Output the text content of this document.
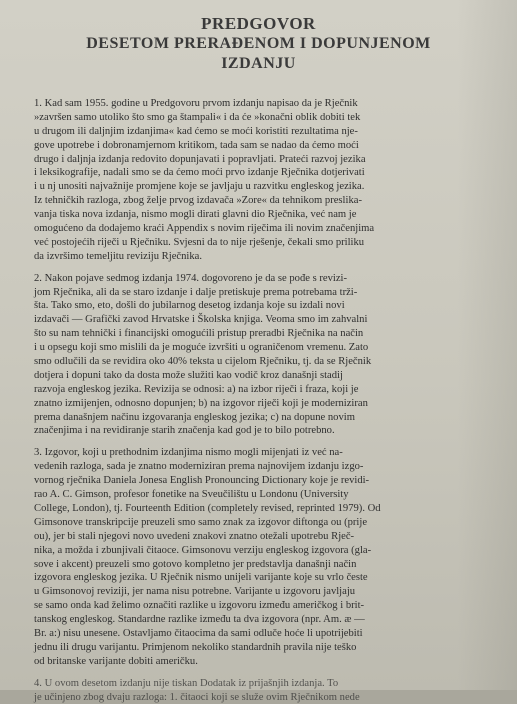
PREDGOVOR
DESETOM PRERAĐENOM I DOPUNJENOM
IZDANJU
1. Kad sam 1955. godine u Predgovoru prvom izdanju napisao da je Rječnik
»završen samo utoliko što smo ga štampali« i da će »konačni oblik dobiti tek
u drugom ili daljnjim izdanjima« kad ćemo se moći koristiti rezultatima nje-
gove upotrebe i dobronamjernom kritikom, tada sam se nadao da ćemo moći
drugo i daljnja izdanja redovito dopunjavati i popravljati. Prateći razvoj jezika
i leksikografije, nadali smo se da ćemo moći prvo izdanje Rječnika dotjerivati
i u nj unositi najvažnije promjene koje se javljaju u razvitku engleskog jezika.
Iz tehničkih razloga, zbog želje prvog izdavača »Zore« da tehnikom preslika-
vanja tiska nova izdanja, nismo mogli dirati glavni dio Rječnika, već nam je
omogućeno da dodajemo kraći Appendix s novim riječima ili novim značenjima
već postojećih riječi u Rječniku. Svjesni da to nije rješenje, čekali smo priliku
da izvršimo temeljitu reviziju Rječnika.
2. Nakon pojave sedmog izdanja 1974. dogovoreno je da se pođe s revizi-
jom Rječnika, ali da se staro izdanje i dalje pretiskuje prema potrebama trži-
šta. Tako smo, eto, došli do jubilarnog desetog izdanja koje su izdali novi
izdavači — Grafički zavod Hrvatske i Školska knjiga. Veoma smo im zahvalni
što su nam tehnički i financijski omogućili pristup preradbi Rječnika na način
i u opsegu koji smo mislili da je moguće izvršiti u ograničenom vremenu. Zato
smo odlučili da se revidira oko 40% teksta u cijelom Rječniku, tj. da se Rječnik
dotjera i dopuni tako da dosta može služiti kao vodič kroz današnji stadij
razvoja engleskog jezika. Revizija se odnosi: a) na izbor riječi i fraza, koji je
znatno izmijenjen, odnosno dopunjen; b) na izgovor riječi koji je moderniziran
prema današnjem načinu izgovaranja engleskog jezika; c) na dopune novim
značenjima i na revidiranje starih značenja kad god je to bilo potrebno.
3. Izgovor, koji u prethodnim izdanjima nismo mogli mijenjati iz već na-
vedenih razloga, sada je znatno moderniziran prema najnovijem izdanju izgo-
vornog rječnika Daniela Jonesa English Pronouncing Dictionary koje je revidi-
rao A. C. Gimson, profesor fonetike na Sveučilištu u Londonu (University
College, London), tj. Fourteenth Edition (completely revised, reprinted 1979). Od
Gimsonove transkripcije preuzeli smo samo znak za izgovor diftonga ou (prije
ou), jer bi stali njegovi novo uvedeni znakovi znatno otežali upotrebu Rječ-
nika, a možda i zbunjivali čitaoce. Gimsonovu verziju engleskog izgovora (gla-
sove i akcent) preuzeli smo gotovo kompletno jer predstavlja današnji način
izgovora engleskog jezika. U Rječnik nismo unijeli varijante koje su vrlo česte
u Gimsonovoj reviziji, jer nama nisu potrebne. Varijante u izgovoru javljaju
se samo onda kad želimo označiti razlike u izgovoru između američkog i brit-
tanskog engleskog. Standardne razlike između ta dva izgovora (npr. Am. æ —
Br. a:) nisu unesene. Ostavljamo čitaocima da sami odluče hoće li upotrijebiti
jednu ili drugu varijantu. Primjenom nekoliko standardnih pravila nije teško
od britanske varijante dobiti američku.
4. U ovom desetom izdanju nije tiskan Dodatak iz prijašnjih izdanja. To
je učinjeno zbog dvaju razloga: 1. čitaoci koji se služe ovim Rječnikom nede
